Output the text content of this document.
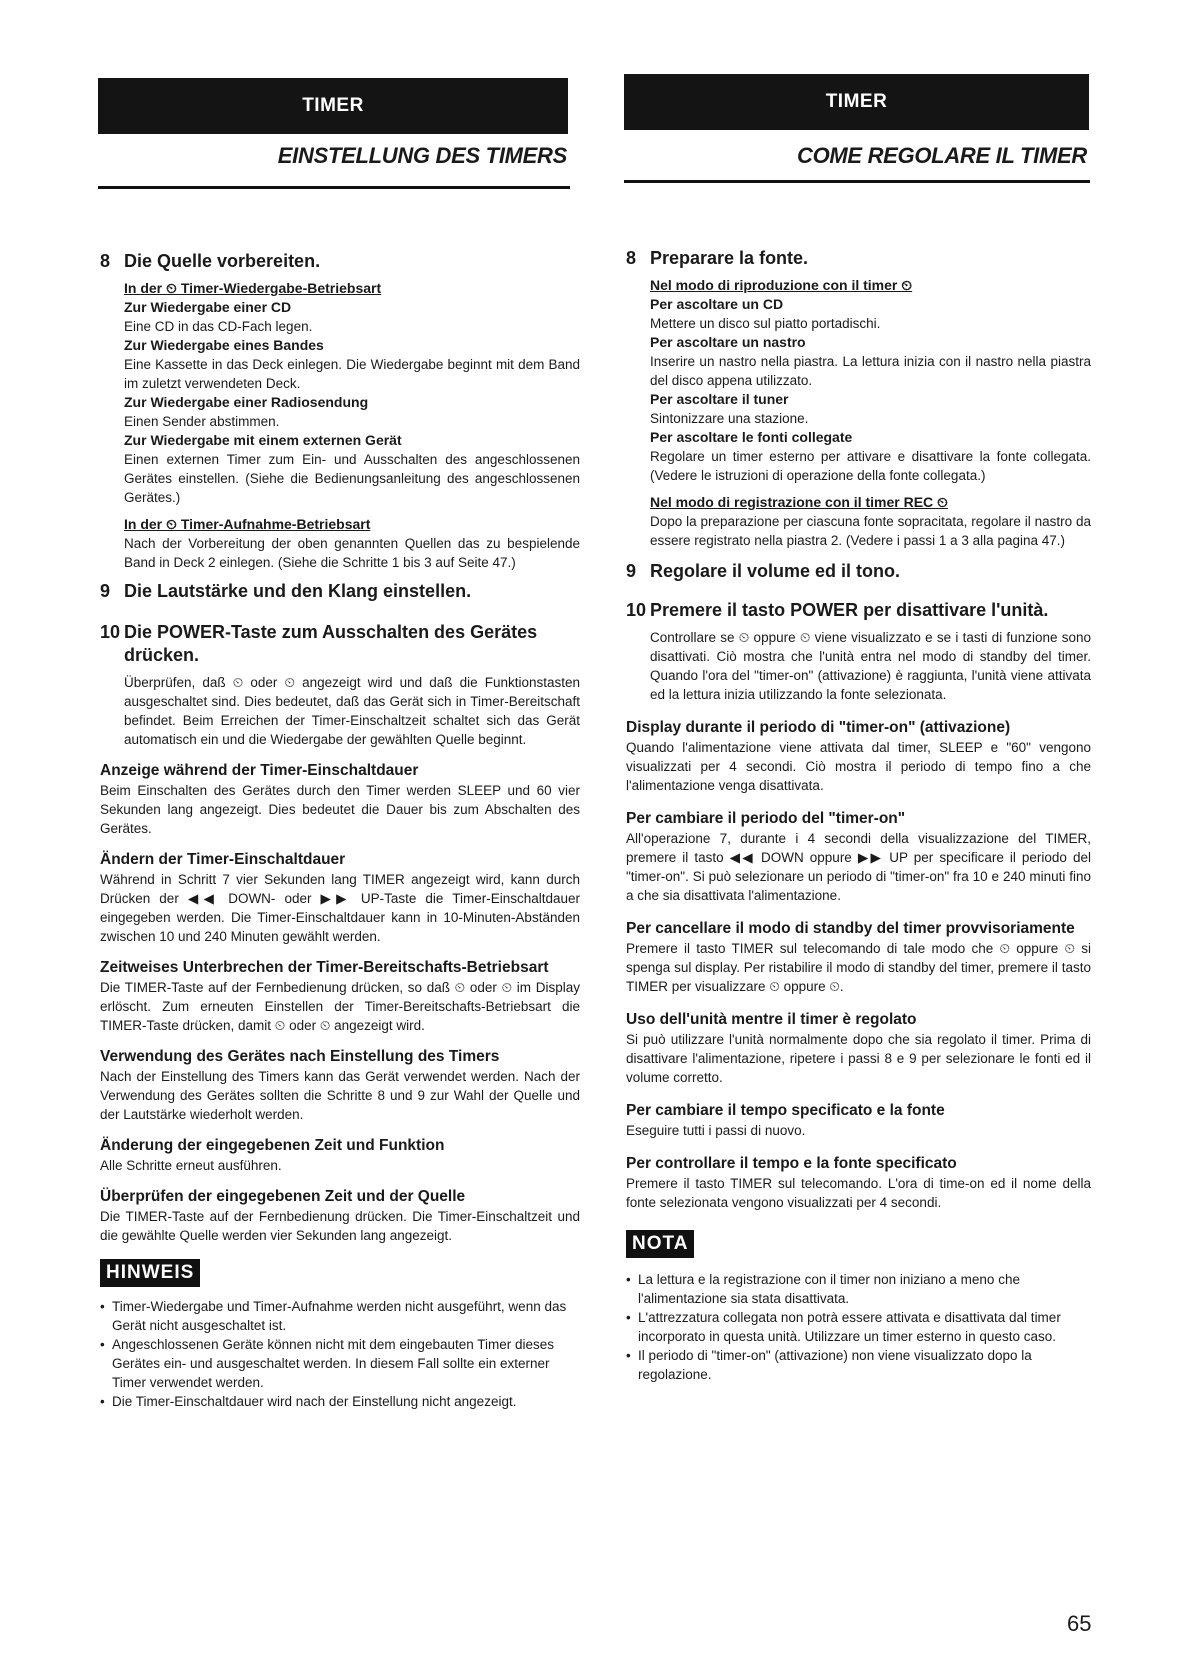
TIMER
EINSTELLUNG DES TIMERS
TIMER
COME REGOLARE IL TIMER
8 Die Quelle vorbereiten.
In der ⏲ Timer-Wiedergabe-Betriebsart
Zur Wiedergabe einer CD
Eine CD in das CD-Fach legen.
Zur Wiedergabe eines Bandes
Eine Kassette in das Deck einlegen. Die Wiedergabe beginnt mit dem Band im zuletzt verwendeten Deck.
Zur Wiedergabe einer Radiosendung
Einen Sender abstimmen.
Zur Wiedergabe mit einem externen Gerät
Einen externen Timer zum Ein- und Ausschalten des angeschlossenen Gerätes einstellen. (Siehe die Bedienungsanleitung des angeschlossenen Gerätes.)
In der ⏲ Timer-Aufnahme-Betriebsart
Nach der Vorbereitung der oben genannten Quellen das zu bespielende Band in Deck 2 einlegen. (Siehe die Schritte 1 bis 3 auf Seite 47.)
9 Die Lautstärke und den Klang einstellen.
10 Die POWER-Taste zum Ausschalten des Gerätes drücken.
Überprüfen, daß ⏲ oder ⏲ angezeigt wird und daß die Funktionstasten ausgeschaltet sind. Dies bedeutet, daß das Gerät sich in Timer-Bereitschaft befindet. Beim Erreichen der Timer-Einschaltzeit schaltet sich das Gerät automatisch ein und die Wiedergabe der gewählten Quelle beginnt.
Anzeige während der Timer-Einschaltdauer
Beim Einschalten des Gerätes durch den Timer werden SLEEP und 60 vier Sekunden lang angezeigt. Dies bedeutet die Dauer bis zum Abschalten des Gerätes.
Ändern der Timer-Einschaltdauer
Während in Schritt 7 vier Sekunden lang TIMER angezeigt wird, kann durch Drücken der ◀◀ DOWN- oder ▶▶ UP-Taste die Timer-Einschaltdauer eingegeben werden. Die Timer-Einschaltdauer kann in 10-Minuten-Abständen zwischen 10 und 240 Minuten gewählt werden.
Zeitweises Unterbrechen der Timer-Bereitschafts-Betriebsart
Die TIMER-Taste auf der Fernbedienung drücken, so daß ⏲ oder ⏲ im Display erlöscht. Zum erneuten Einstellen der Timer-Bereitschafts-Betriebsart die TIMER-Taste drücken, damit ⏲ oder ⏲ angezeigt wird.
Verwendung des Gerätes nach Einstellung des Timers
Nach der Einstellung des Timers kann das Gerät verwendet werden. Nach der Verwendung des Gerätes sollten die Schritte 8 und 9 zur Wahl der Quelle und der Lautstärke wiederholt werden.
Änderung der eingegebenen Zeit und Funktion
Alle Schritte erneut ausführen.
Überprüfen der eingegebenen Zeit und der Quelle
Die TIMER-Taste auf der Fernbedienung drücken. Die Timer-Einschaltzeit und die gewählte Quelle werden vier Sekunden lang angezeigt.
HINWEIS
• Timer-Wiedergabe und Timer-Aufnahme werden nicht ausgeführt, wenn das Gerät nicht ausgeschaltet ist.
• Angeschlossenen Geräte können nicht mit dem eingebauten Timer dieses Gerätes ein- und ausgeschaltet werden. In diesem Fall sollte ein externer Timer verwendet werden.
• Die Timer-Einschaltdauer wird nach der Einstellung nicht angezeigt.
8 Preparare la fonte.
Nel modo di riproduzione con il timer ⏲
Per ascoltare un CD
Mettere un disco sul piatto portadischi.
Per ascoltare un nastro
Inserire un nastro nella piastra. La lettura inizia con il nastro nella piastra del disco appena utilizzato.
Per ascoltare il tuner
Sintonizzare una stazione.
Per ascoltare le fonti collegate
Regolare un timer esterno per attivare e disattivare la fonte collegata. (Vedere le istruzioni di operazione della fonte collegata.)
Nel modo di registrazione con il timer REC ⏲
Dopo la preparazione per ciascuna fonte sopracitata, regolare il nastro da essere registrato nella piastra 2. (Vedere i passi 1 a 3 alla pagina 47.)
9 Regolare il volume ed il tono.
10 Premere il tasto POWER per disattivare l'unità.
Controllare se ⏲ oppure ⏲ viene visualizzato e se i tasti di funzione sono disattivati. Ciò mostra che l'unità entra nel modo di standby del timer. Quando l'ora del "timer-on" (attivazione) è raggiunta, l'unità viene attivata ed la lettura inizia utilizzando la fonte selezionata.
Display durante il periodo di "timer-on" (attivazione)
Quando l'alimentazione viene attivata dal timer, SLEEP e "60" vengono visualizzati per 4 secondi. Ciò mostra il periodo di tempo fino a che l'alimentazione venga disattivata.
Per cambiare il periodo del "timer-on"
All'operazione 7, durante i 4 secondi della visualizzazione del TIMER, premere il tasto ◀◀ DOWN oppure ▶▶ UP per specificare il periodo del "timer-on". Si può selezionare un periodo di "timer-on" fra 10 e 240 minuti fino a che sia disattivata l'alimentazione.
Per cancellare il modo di standby del timer provvisoriamente
Premere il tasto TIMER sul telecomando di tale modo che ⏲ oppure ⏲ si spenga sul display. Per ristabilire il modo di standby del timer, premere il tasto TIMER per visualizzare ⏲ oppure ⏲.
Uso dell'unità mentre il timer è regolato
Si può utilizzare l'unità normalmente dopo che sia regolato il timer. Prima di disattivare l'alimentazione, ripetere i passi 8 e 9 per selezionare le fonti ed il volume corretto.
Per cambiare il tempo specificato e la fonte
Eseguire tutti i passi di nuovo.
Per controllare il tempo e la fonte specificato
Premere il tasto TIMER sul telecomando. L'ora di time-on ed il nome della fonte selezionata vengono visualizzati per 4 secondi.
NOTA
• La lettura e la registrazione con il timer non iniziano a meno che l'alimentazione sia stata disattivata.
• L'attrezzatura collegata non potrà essere attivata e disattivata dal timer incorporato in questa unità. Utilizzare un timer esterno in questo caso.
• Il periodo di "timer-on" (attivazione) non viene visualizzato dopo la regolazione.
65
